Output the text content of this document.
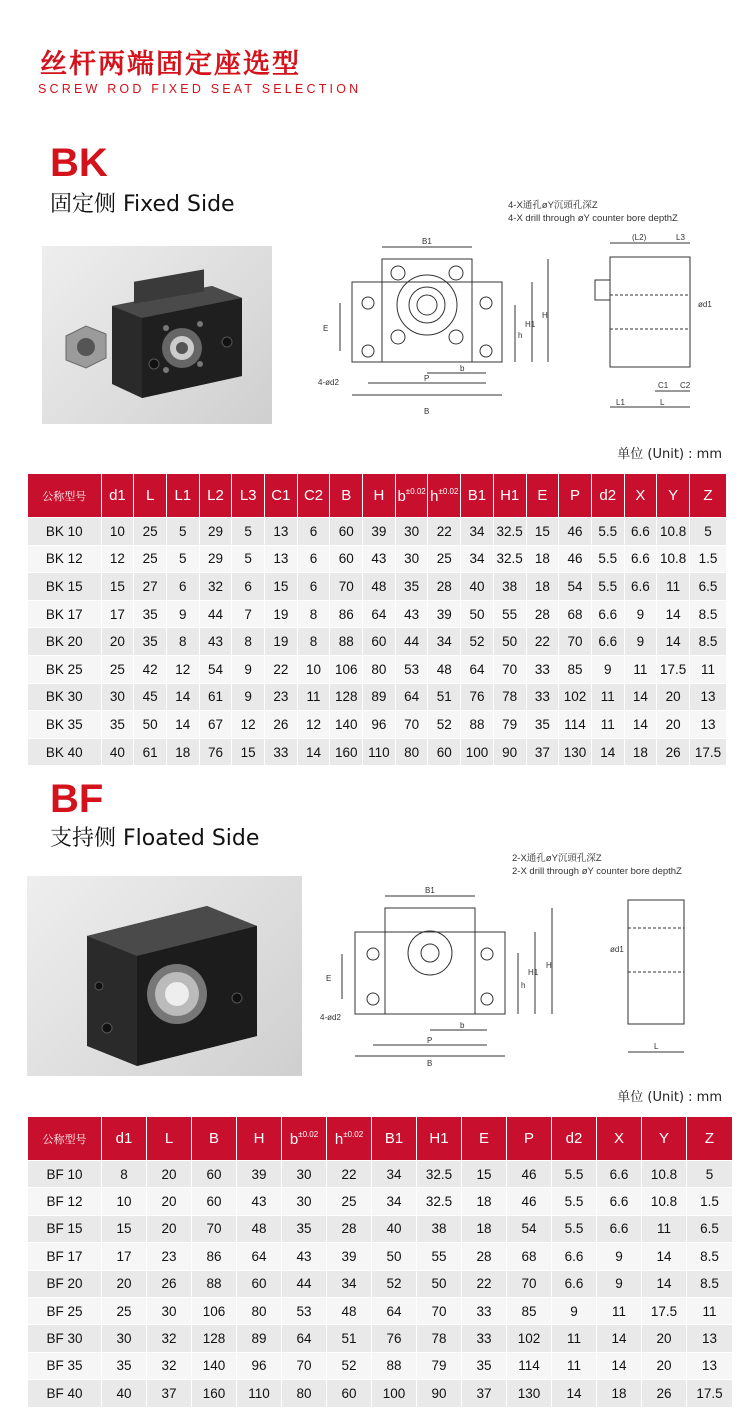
丝杆两端固定座选型
SCREW ROD FIXED SEAT SELECTION
BK
固定侧 Fixed Side	4-X通孔øY沉頭孔深Z
4-X drill through øY counter bore depthZ
B1
b
P
B
E
4-ød2
h
H1
H
(L2)	L3
ød1
C1 C2
L1	L
单位 (Unit) : mm
公称型号	d1	L	L1	L2	L3	C1	C2	B	H	$b^{\pm 0.02}$	$h^{\pm 0.02}$	B1	H1	E	P	d2	X	Y	Z
BK 10	10	25	5	29	5	13	6	60	39	30	22	34	32.5	15	46	5.5	6.6	10.8	5
BK 12	12	25	5	29	5	13	6	60	43	30	25	34	32.5	18	46	5.5	6.6	10.8	1.5
BK 15	15	27	6	32	6	15	6	70	48	35	28	40	38	18	54	5.5	6.6	11	6.5
BK 17	17	35	9	44	7	19	8	86	64	43	39	50	55	28	68	6.6	9	14	8.5
BK 20	20	35	8	43	8	19	8	88	60	44	34	52	50	22	70	6.6	9	14	8.5
BK 25	25	42	12	54	9	22	10	106	80	53	48	64	70	33	85	9	11	17.5	11
BK 30	30	45	14	61	9	23	11	128	89	64	51	76	78	33	102	11	14	20	13
BK 35	35	50	14	67	12	26	12	140	96	70	52	88	79	35	114	11	14	20	13
BK 40	40	61	18	76	15	33	14	160	110	80	60	100	90	37	130	14	18	26	17.5
BF
支持侧 Floated Side
2-X通孔øY沉頭孔深Z
2-X drill through øY counter bore depthZ
B1
b
P
B
E
4-ød2
h
H1
H
ød1
L
单位 (Unit) : mm
公称型号	d1	L	B	H	$b^{\pm 0.02}$	$h^{\pm 0.02}$	B1	H1	E	P	d2	X	Y	Z
BF 10	8	20	60	39	30	22	34	32.5	15	46	5.5	6.6	10.8	5
BF 12	10	20	60	43	30	25	34	32.5	18	46	5.5	6.6	10.8	1.5
BF 15	15	20	70	48	35	28	40	38	18	54	5.5	6.6	11	6.5
BF 17	17	23	86	64	43	39	50	55	28	68	6.6	9	14	8.5
BF 20	20	26	88	60	44	34	52	50	22	70	6.6	9	14	8.5
BF 25	25	30	106	80	53	48	64	70	33	85	9	11	17.5	11
BF 30	30	32	128	89	64	51	76	78	33	102	11	14	20	13
BF 35	35	32	140	96	70	52	88	79	35	114	11	14	20	13
BF 40	40	37	160	110	80	60	100	90	37	130	14	18	26	17.5
